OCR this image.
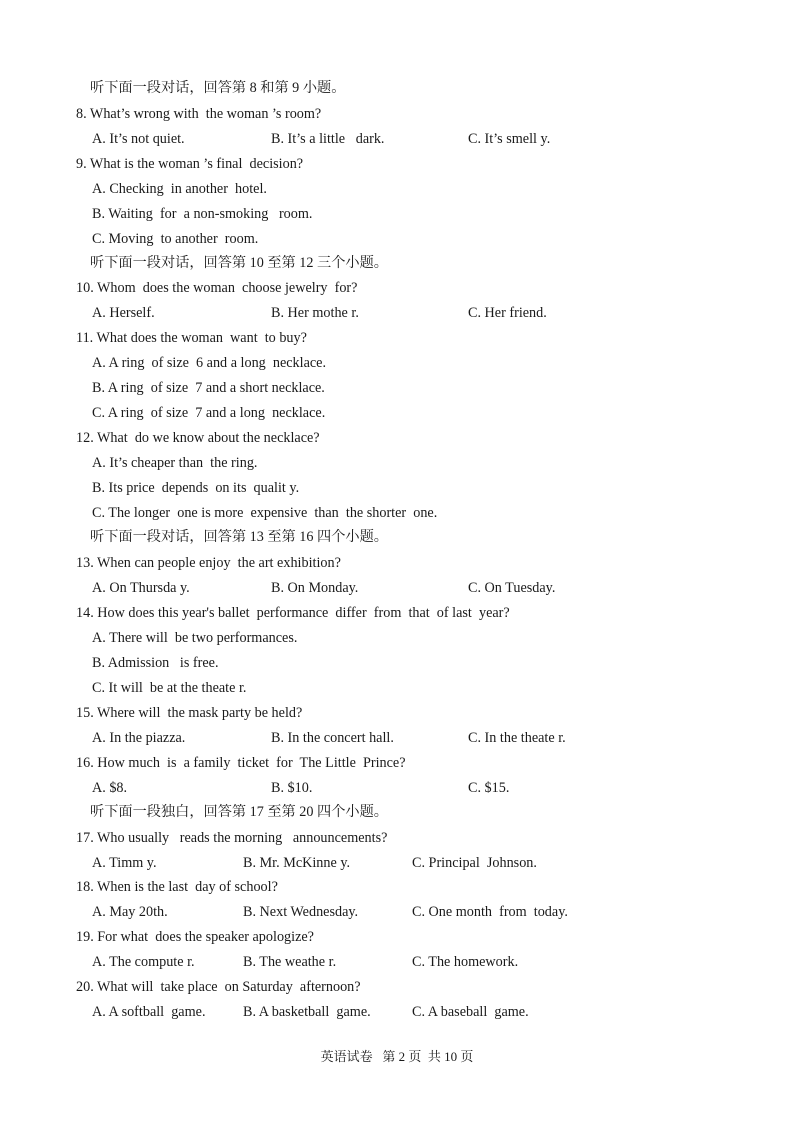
听下面一段对话，回答第 8 和第 9 小题。
8. What’s wrong with  the woman ’s room?
A. It’s not quiet.	B. It’s a little   dark.	C. It’s smell y.
9. What is the woman ’s final  decision?
A. Checking  in another  hotel.
B. Waiting  for  a non-smoking   room.
C. Moving  to another  room.
听下面一段对话，回答第 10 至第 12 三个小题。
10. Whom  does the woman  choose jewelry  for?
A. Herself.	B. Her mothe r.	C. Her friend.
11. What does the woman  want  to buy?
A. A ring  of size  6 and a long  necklace.
B. A ring  of size  7 and a short necklace.
C. A ring  of size  7 and a long  necklace.
12. What  do we know about the necklace?
A. It’s cheaper than  the ring.
B. Its price  depends  on its  qualit y.
C. The longer  one is more  expensive  than  the shorter  one.
听下面一段对话，回答第 13 至第 16 四个小题。
13. When can people enjoy  the art exhibition?
A. On Thursda y.	B. On Monday.	C. On Tuesday.
14. How does this year's ballet  performance  differ  from  that  of last  year?
A. There will  be two performances.
B. Admission   is free.
C. It will  be at the theate r.
15. Where will  the mask party be held?
A. In the piazza.	B. In the concert hall.	C. In the theate r.
16. How much  is  a family  ticket  for  The Little  Prince?
A. $8.	B. $10.	C. $15.
听下面一段独白，回答第 17 至第 20 四个小题。
17. Who usually   reads the morning   announcements?
A. Timm y.	B. Mr. McKinne y.	C. Principal  Johnson.
18. When is the last  day of school?
A. May 20th.	B. Next Wednesday.	C. One month  from  today.
19. For what  does the speaker apologize?
A. The compute r.	B. The weathe r.	C. The homework.
20. What will  take place  on Saturday  afternoon?
A. A softball  game.	B. A basketball  game.	C. A baseball  game.
英语试卷   第 2 页  共 10 页
